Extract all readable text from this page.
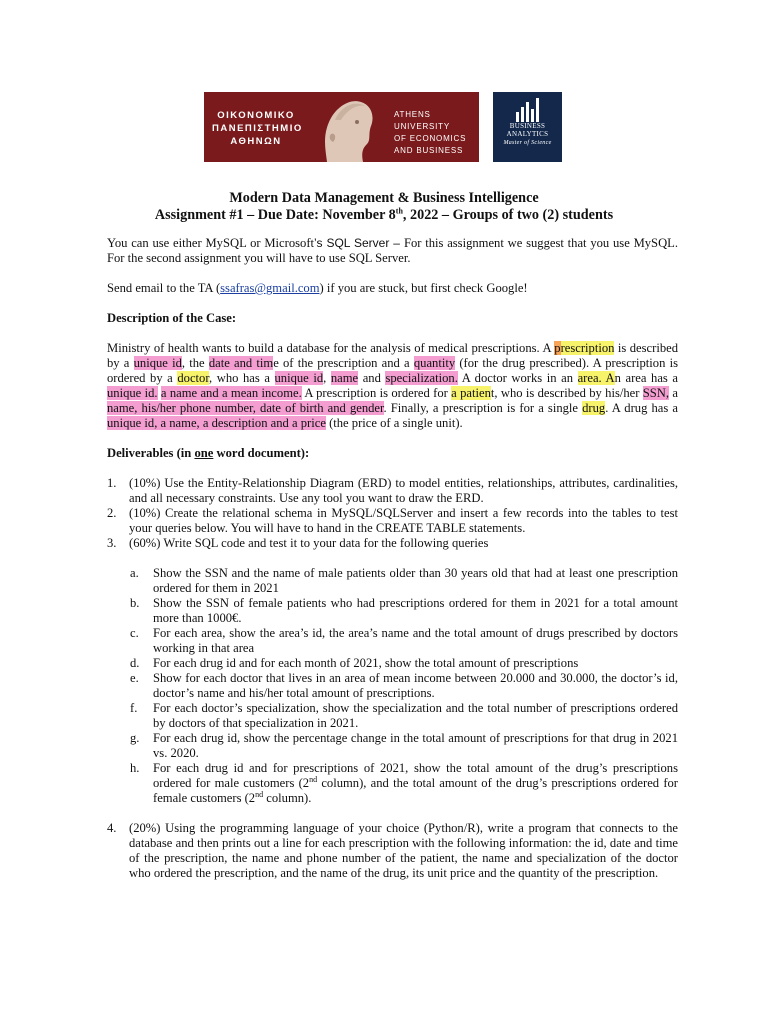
ΟΙΚΟΝΟΜΙΚΟ
ΠΑΝΕΠΙΣΤΗΜΙΟ
ΑΘΗΝΩΝ
ATHENS UNIVERSITY
OF ECONOMICS
AND BUSINESS
BUSINESS
ANALYTICS
Master of Science
Modern Data Management & Business Intelligence
Assignment #1 – Due Date: November 8th, 2022 – Groups of two (2) students

You can use either MySQL or Microsoft’s SQL Server – For this assignment we suggest that you use MySQL. For the second assignment you will have to use SQL Server.

Send email to the TA (ssafras@gmail.com) if you are stuck, but first check Google!

Description of the Case:

Ministry of health wants to build a database for the analysis of medical prescriptions. A prescription is described by a unique id, the date and time of the prescription and a quantity (for the drug prescribed). A prescription is ordered by a doctor, who has a unique id, name and specialization. A doctor works in an area. An area has a unique id. a name and a mean income. A prescription is ordered for a patient, who is described by his/her SSN, a name, his/her phone number, date of birth and gender. Finally, a prescription is for a single drug. A drug has a unique id, a name, a description and a price (the price of a single unit).

Deliverables (in one word document):

1. (10%) Use the Entity-Relationship Diagram (ERD) to model entities, relationships, attributes, cardinalities, and all necessary constraints. Use any tool you want to draw the ERD.
2. (10%) Create the relational schema in MySQL/SQLServer and insert a few records into the tables to test your queries below. You will have to hand in the CREATE TABLE statements.
3. (60%) Write SQL code and test it to your data for the following queries
a. Show the SSN and the name of male patients older than 30 years old that had at least one prescription ordered for them in 2021
b. Show the SSN of female patients who had prescriptions ordered for them in 2021 for a total amount more than 1000€.
c. For each area, show the area’s id, the area’s name and the total amount of drugs prescribed by doctors working in that area
d. For each drug id and for each month of 2021, show the total amount of prescriptions
e. Show for each doctor that lives in an area of mean income between 20.000 and 30.000, the doctor’s id, doctor’s name and his/her total amount of prescriptions.
f. For each doctor’s specialization, show the specialization and the total number of prescriptions ordered by doctors of that specialization in 2021.
g. For each drug id, show the percentage change in the total amount of prescriptions for that drug in 2021 vs. 2020.
h. For each drug id and for prescriptions of 2021, show the total amount of the drug’s prescriptions ordered for male customers (2nd column), and the total amount of the drug’s prescriptions ordered for female customers (2nd column).
4. (20%) Using the programming language of your choice (Python/R), write a program that connects to the database and then prints out a line for each prescription with the following information: the id, date and time of the prescription, the name and phone number of the patient, the name and specialization of the doctor who ordered the prescription, and the name of the drug, its unit price and the quantity of the prescription.
